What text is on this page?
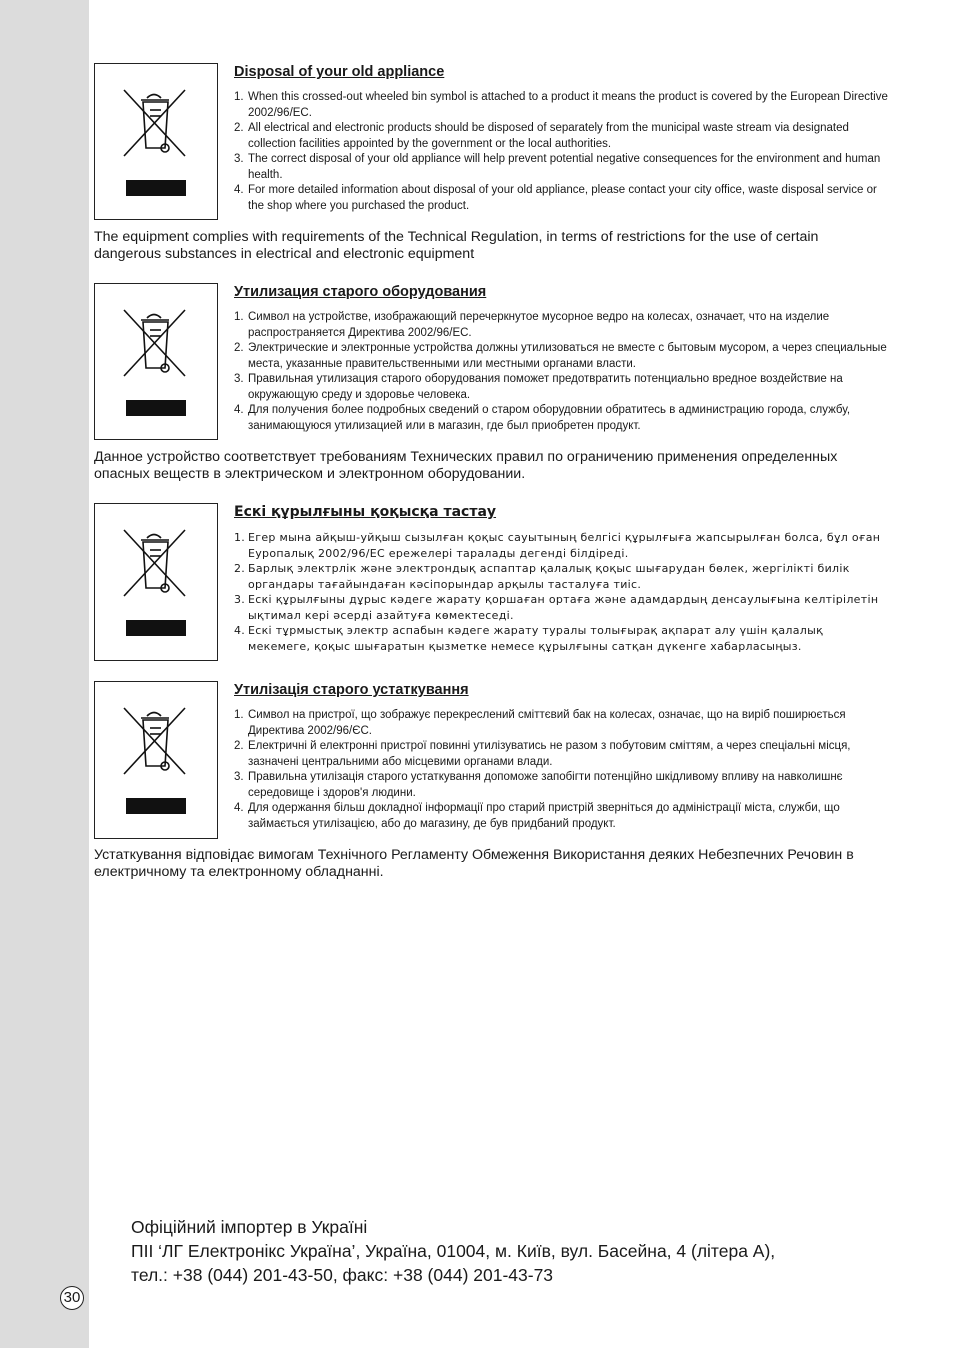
Disposal of your old appliance
1. When this crossed-out wheeled bin symbol is attached to a product it means the product is covered by the European Directive 2002/96/EC.
2. All electrical and electronic products should be disposed of separately from the municipal waste stream via designated collection facilities appointed by the government or the local authorities.
3. The correct disposal of your old appliance will help prevent potential negative consequences for the environment and human health.
4. For more detailed information about disposal of your old appliance, please contact your city office, waste disposal service or the shop where you purchased the product.
The equipment complies with requirements of the Technical Regulation, in terms of restrictions for the use of certain dangerous substances in electrical and electronic equipment
Утилизация старого оборудования
1. Символ на устройстве, изображающий перечеркнутое мусорное ведро на колесах, означает, что на изделие распространяется Директива 2002/96/ЕС.
2. Электрические и электронные устройства должны утилизоваться не вместе с бытовым мусором, а через специальные места, указанные правительственными или местными органами власти.
3. Правильная утилизация старого оборудования поможет предотвратить потенциально вредное воздействие на окружающую среду и здоровье человека.
4. Для получения более подробных сведений о старом оборудовнии обратитесь в администрацию города, службу, занимающуюся утилизацией или в магазин, где был приобретен продукт.
Данное устройство соответствует требованиям Технических правил по ограничению применения определенных опасных веществ в электрическом и электронном оборудовании.
Ескі құрылғыны қоқысқа тастау
1. Егер мына айқыш-уйқыш сызылған қоқыс сауытының белгісі құрылғыға жапсырылған болса, бұл оған Еуропалық 2002/96/EC ережелері таралады дегенді білдіреді.
2. Барлық электрлік және электрондық аспаптар қалалық қоқыс шығарудан бөлек, жергілікті билік органдары тағайындаған кәсіпорындар арқылы тасталуға тиіс.
3. Ескі құрылғыны дұрыс кәдеге жарату қоршаған ортаға және адамдардың денсаулығына келтірілетін ықтимал кері әсерді азайтуға көмектеседі.
4. Ескі тұрмыстық электр аспабын кәдеге жарату туралы толығырақ ақпарат алу үшін қалалық мекемеге, қоқыс шығаратын қызметке немесе құрылғыны сатқан дүкенге хабарласыңыз.
Утилізація старого устаткування
1. Символ на пристрої, що зображує перекреслений сміттєвий бак на колесах, означає, що на виріб поширюється Директива 2002/96/ЄС.
2. Електричні й електронні пристрої повинні утилізуватись не разом з побутовим сміттям, а через спеціальні місця, зазначені центральними або місцевими органами влади.
3. Правильна утилізація старого устаткування допоможе запобігти потенційно шкідливому впливу на навколишнє середовище і здоров'я людини.
4. Для одержання більш докладної інформації про старий пристрій зверніться до адміністрації міста, служби, що займається утилізацією, або до магазину, де був придбаний продукт.
Устаткування відповідає вимогам Технічного Регламенту Обмеження Використання деяких Небезпечних Речовин в електричному та електронному обладнанні.
Офіційний імпортер в Україні
ПІІ ‘ЛГ Електронікс Україна’, Україна, 01004, м. Київ, вул. Басейна, 4 (літера А),
тел.: +38 (044) 201-43-50, факс: +38 (044) 201-43-73
30
